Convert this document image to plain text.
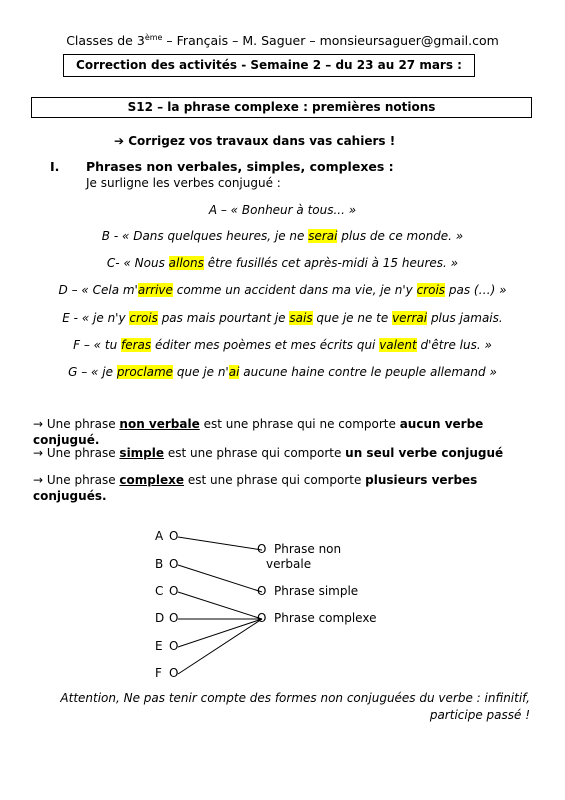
Classes de 3ème – Français – M. Saguer – monsieursaguer@gmail.com
Correction des activités - Semaine 2 – du 23 au 27 mars :
S12 – la phrase complexe : premières notions
➔ Corrigez vos travaux dans vas cahiers !
I. Phrases non verbales, simples, complexes :
Je surligne les verbes conjugué :
A – « Bonheur à tous... »
B - « Dans quelques heures, je ne serai plus de ce monde. »
C- « Nous allons être fusillés cet après-midi à 15 heures. »
D – « Cela m'arrive comme un accident dans ma vie, je n'y crois pas (…) »
E - « je n'y crois pas mais pourtant je sais que je ne te verrai plus jamais.
F – « tu feras éditer mes poèmes et mes écrits qui valent d'être lus. »
G – « je proclame que je n'ai aucune haine contre le peuple allemand »
→ Une phrase non verbale est une phrase qui ne comporte aucun verbe conjugué.
→ Une phrase simple est une phrase qui comporte un seul verbe conjugué
→ Une phrase complexe est une phrase qui comporte plusieurs verbes conjugués.
A O
B O
C O
D O
E O
F O
O Phrase non verbale
O Phrase simple
O Phrase complexe
Attention, Ne pas tenir compte des formes non conjuguées du verbe : infinitif, participe passé !
